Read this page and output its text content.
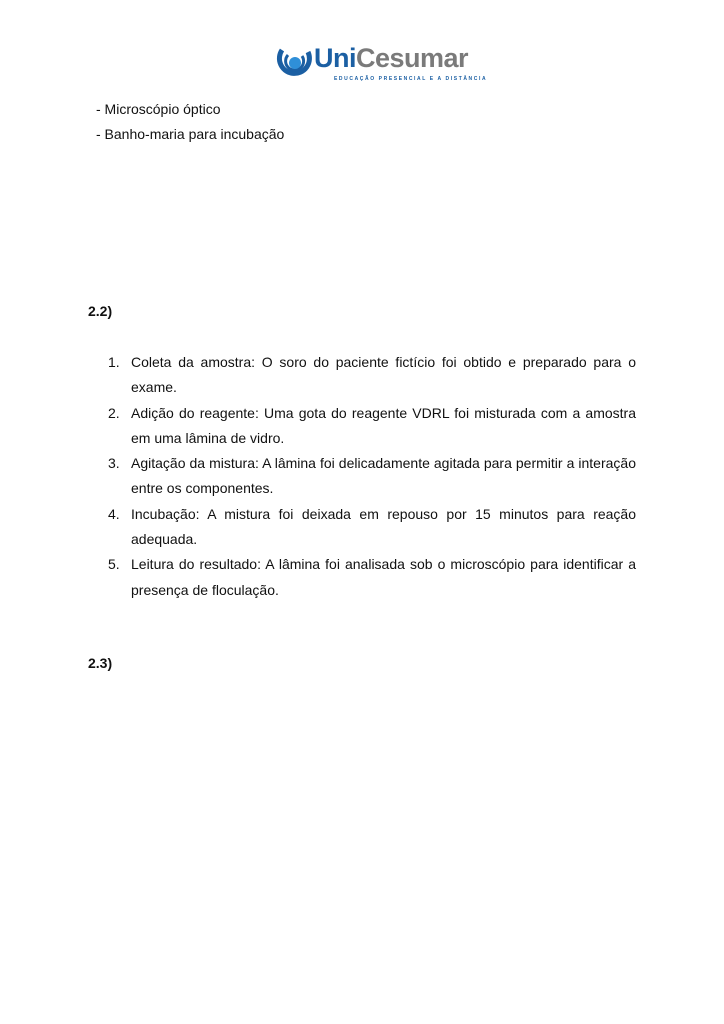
UniCesumar
EDUCAÇÃO PRESENCIAL E A DISTÂNCIA
- Microscópio óptico
- Banho-maria para incubação
2.2)
1. Coleta da amostra: O soro do paciente fictício foi obtido e preparado para o exame.
2. Adição do reagente: Uma gota do reagente VDRL foi misturada com a amostra em uma lâmina de vidro.
3. Agitação da mistura: A lâmina foi delicadamente agitada para permitir a interação entre os componentes.
4. Incubação: A mistura foi deixada em repouso por 15 minutos para reação adequada.
5. Leitura do resultado: A lâmina foi analisada sob o microscópio para identificar a presença de floculação.
2.3)
